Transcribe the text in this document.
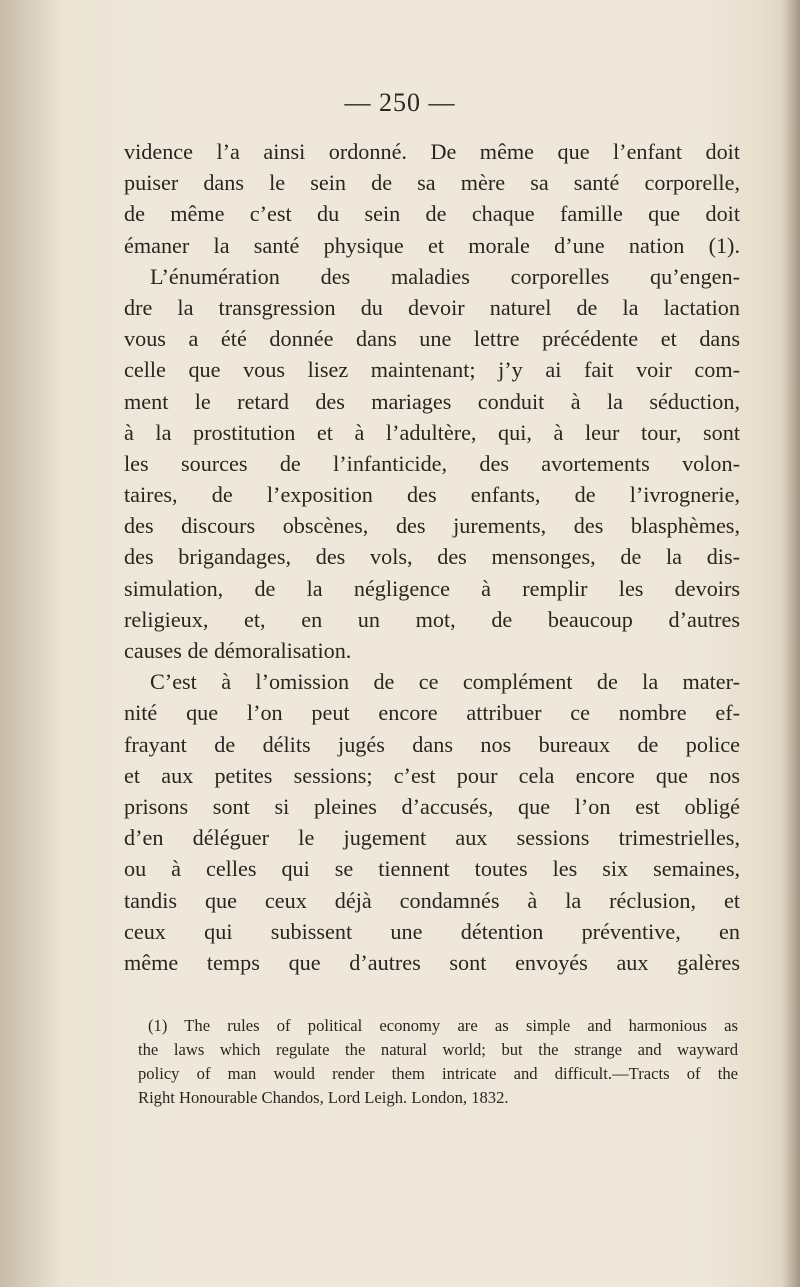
— 250 —
vidence l’a ainsi ordonné. De même que l’enfant doit
puiser dans le sein de sa mère sa santé corporelle,
de même c’est du sein de chaque famille que doit
émaner la santé physique et morale d’une nation (1).
L’énumération des maladies corporelles qu’engen-
dre la transgression du devoir naturel de la lactation
vous a été donnée dans une lettre précédente et dans
celle que vous lisez maintenant; j’y ai fait voir com-
ment le retard des mariages conduit à la séduction,
à la prostitution et à l’adultère, qui, à leur tour, sont
les sources de l’infanticide, des avortements volon-
taires, de l’exposition des enfants, de l’ivrognerie,
des discours obscènes, des jurements, des blasphèmes,
des brigandages, des vols, des mensonges, de la dis-
simulation, de la négligence à remplir les devoirs
religieux, et, en un mot, de beaucoup d’autres
causes de démoralisation.
C’est à l’omission de ce complément de la mater-
nité que l’on peut encore attribuer ce nombre ef-
frayant de délits jugés dans nos bureaux de police
et aux petites sessions; c’est pour cela encore que nos
prisons sont si pleines d’accusés, que l’on est obligé
d’en déléguer le jugement aux sessions trimestrielles,
ou à celles qui se tiennent toutes les six semaines,
tandis que ceux déjà condamnés à la réclusion, et
ceux qui subissent une détention préventive, en
même temps que d’autres sont envoyés aux galères
(1) The rules of political economy are as simple and harmonious as
the laws which regulate the natural world; but the strange and wayward
policy of man would render them intricate and difficult.—Tracts of the
Right Honourable Chandos, Lord Leigh. London, 1832.
